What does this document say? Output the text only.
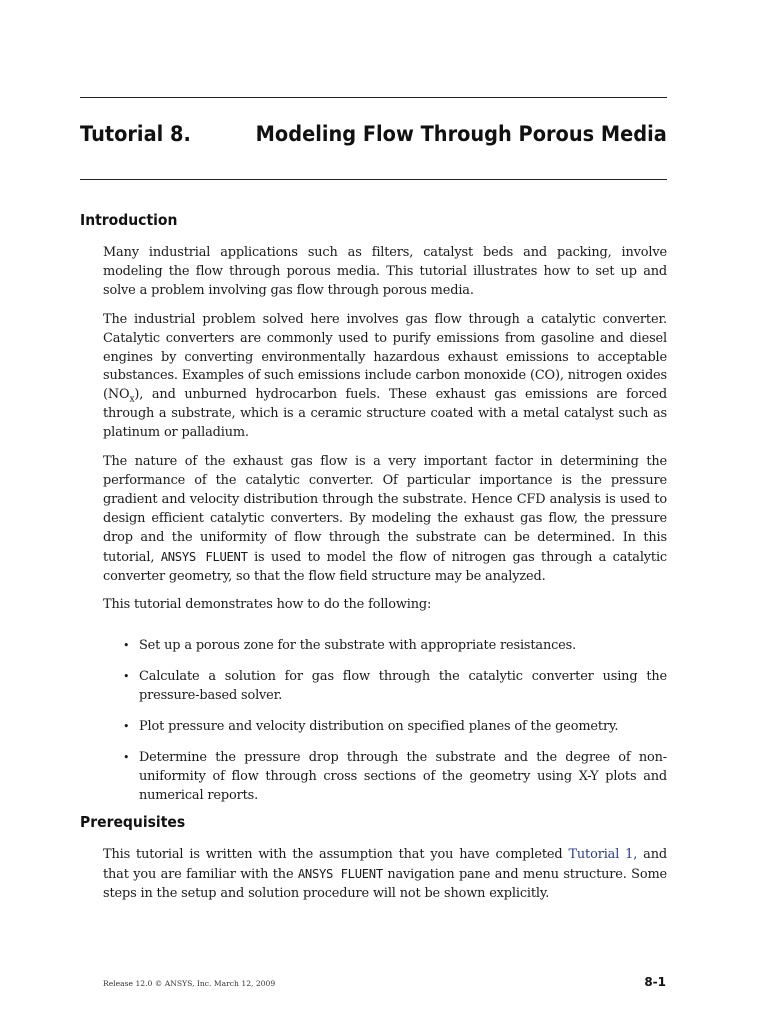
Tutorial 8.	Modeling Flow Through Porous Media
Introduction

Many industrial applications such as filters, catalyst beds and packing, involve modeling the flow through porous media. This tutorial illustrates how to set up and solve a problem involving gas flow through porous media.

The industrial problem solved here involves gas flow through a catalytic converter. Catalytic converters are commonly used to purify emissions from gasoline and diesel engines by converting environmentally hazardous exhaust emissions to acceptable substances. Examples of such emissions include carbon monoxide (CO), nitrogen oxides $(NO_x)$, and unburned hydrocarbon fuels. These exhaust gas emissions are forced through a substrate, which is a ceramic structure coated with a metal catalyst such as platinum or palladium.

The nature of the exhaust gas flow is a very important factor in determining the performance of the catalytic converter. Of particular importance is the pressure gradient and velocity distribution through the substrate. Hence CFD analysis is used to design efficient catalytic converters. By modeling the exhaust gas flow, the pressure drop and the uniformity of flow through the substrate can be determined. In this tutorial, ANSYS FLUENT is used to model the flow of nitrogen gas through a catalytic converter geometry, so that the flow field structure may be analyzed.

This tutorial demonstrates how to do the following:

• Set up a porous zone for the substrate with appropriate resistances.
• Calculate a solution for gas flow through the catalytic converter using the pressure-based solver.
• Plot pressure and velocity distribution on specified planes of the geometry.
• Determine the pressure drop through the substrate and the degree of non-uniformity of flow through cross sections of the geometry using X-Y plots and numerical reports.
Prerequisites

This tutorial is written with the assumption that you have completed Tutorial 1, and that you are familiar with the ANSYS FLUENT navigation pane and menu structure. Some steps in the setup and solution procedure will not be shown explicitly.

Release 12.0 © ANSYS, Inc. March 12, 2009	8-1
